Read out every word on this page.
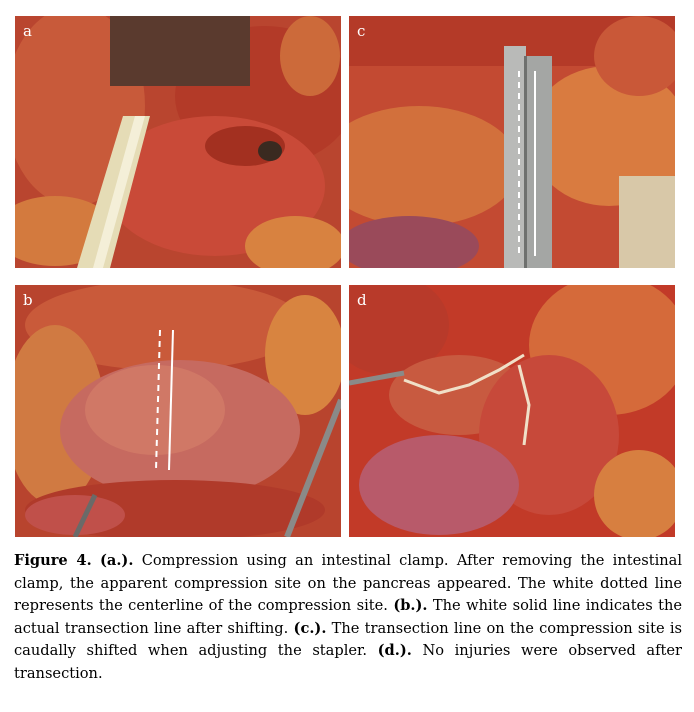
a	c
b	d
Figure 4. (a.). Compression using an intestinal clamp. After removing the intestinal clamp, the apparent compression site on the pancreas appeared. The white dotted line represents the centerline of the compression site. (b.). The white solid line indicates the actual transection line after shifting. (c.). The transection line on the compression site is caudally shifted when adjusting the stapler. (d.). No injuries were observed after transection.
